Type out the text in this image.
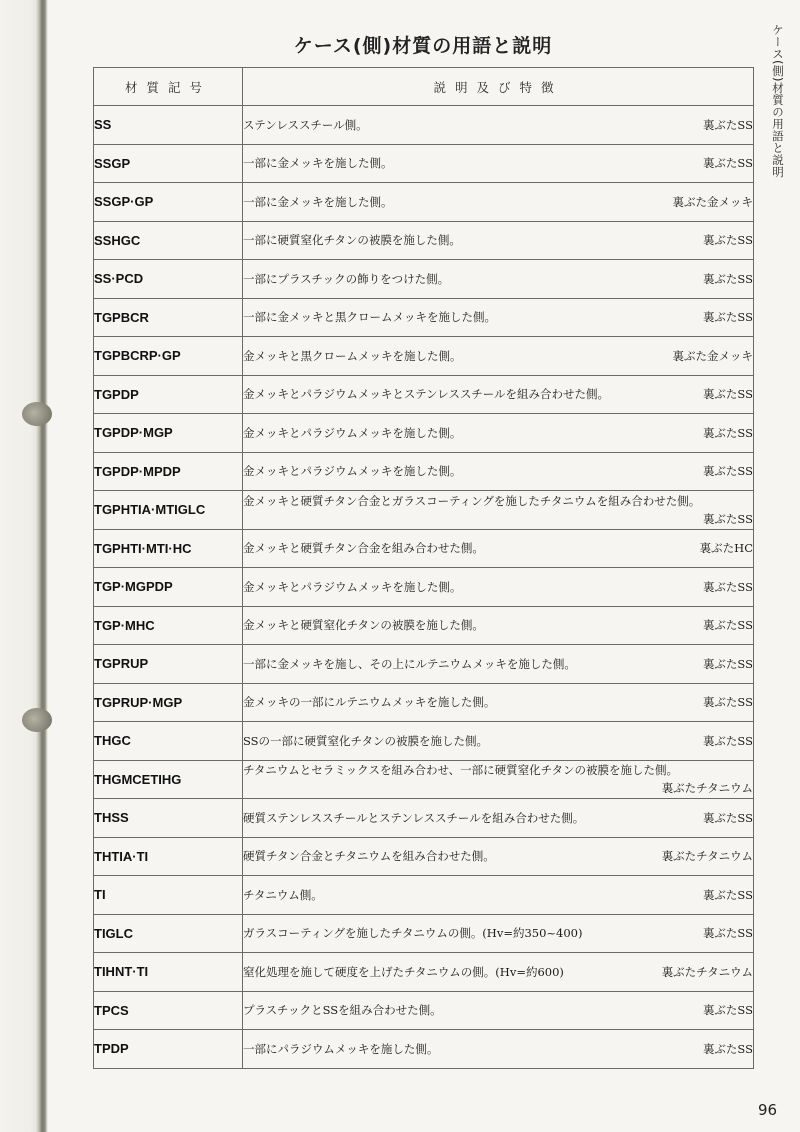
ケース(側)材質の用語と説明	ケース(側)材質の用語と説明
材質記号	説明及び特徴
SS	ステンレススチール側。 裏ぶたSS

SSGP	一部に金メッキを施した側。 裏ぶたSS

SSGP·GP	一部に金メッキを施した側。 裏ぶた金メッキ

SSHGC	一部に硬質窒化チタンの被膜を施した側。 裏ぶたSS

SS·PCD	一部にプラスチックの飾りをつけた側。 裏ぶたSS

TGPBCR	一部に金メッキと黒クロームメッキを施した側。 裏ぶたSS

TGPBCRP·GP	金メッキと黒クロームメッキを施した側。 裏ぶた金メッキ

TGPDP	金メッキとパラジウムメッキとステンレススチールを組み合わせた側。 裏ぶたSS

TGPDP·MGP	金メッキとパラジウムメッキを施した側。 裏ぶたSS

TGPDP·MPDP	金メッキとパラジウムメッキを施した側。 裏ぶたSS

TGPHTIA·MTIGLC	金メッキと硬質チタン合金とガラスコーティングを施したチタニウムを組み合わせた側。
裏ぶたSS

TGPHTI·MTI·HC	金メッキと硬質チタン合金を組み合わせた側。 裏ぶたHC

TGP·MGPDP	金メッキとパラジウムメッキを施した側。 裏ぶたSS

TGP·MHC	金メッキと硬質窒化チタンの被膜を施した側。 裏ぶたSS

TGPRUP	一部に金メッキを施し、その上にルテニウムメッキを施した側。 裏ぶたSS

TGPRUP·MGP	金メッキの一部にルテニウムメッキを施した側。 裏ぶたSS

THGC	SSの一部に硬質窒化チタンの被膜を施した側。 裏ぶたSS

THGMCETIHG	チタニウムとセラミックスを組み合わせ、一部に硬質窒化チタンの被膜を施した側。
裏ぶたチタニウム

THSS	硬質ステンレススチールとステンレススチールを組み合わせた側。 裏ぶたSS

THTIA·TI	硬質チタン合金とチタニウムを組み合わせた側。 裏ぶたチタニウム

TI	チタニウム側。 裏ぶたSS

TIGLC	ガラスコーティングを施したチタニウムの側。(Hv=約350~400) 裏ぶたSS

TIHNT·TI	窒化処理を施して硬度を上げたチタニウムの側。(Hv=約600) 裏ぶたチタニウム

TPCS	プラスチックとSSを組み合わせた側。 裏ぶたSS

TPDP	一部にパラジウムメッキを施した側。 裏ぶたSS
96
